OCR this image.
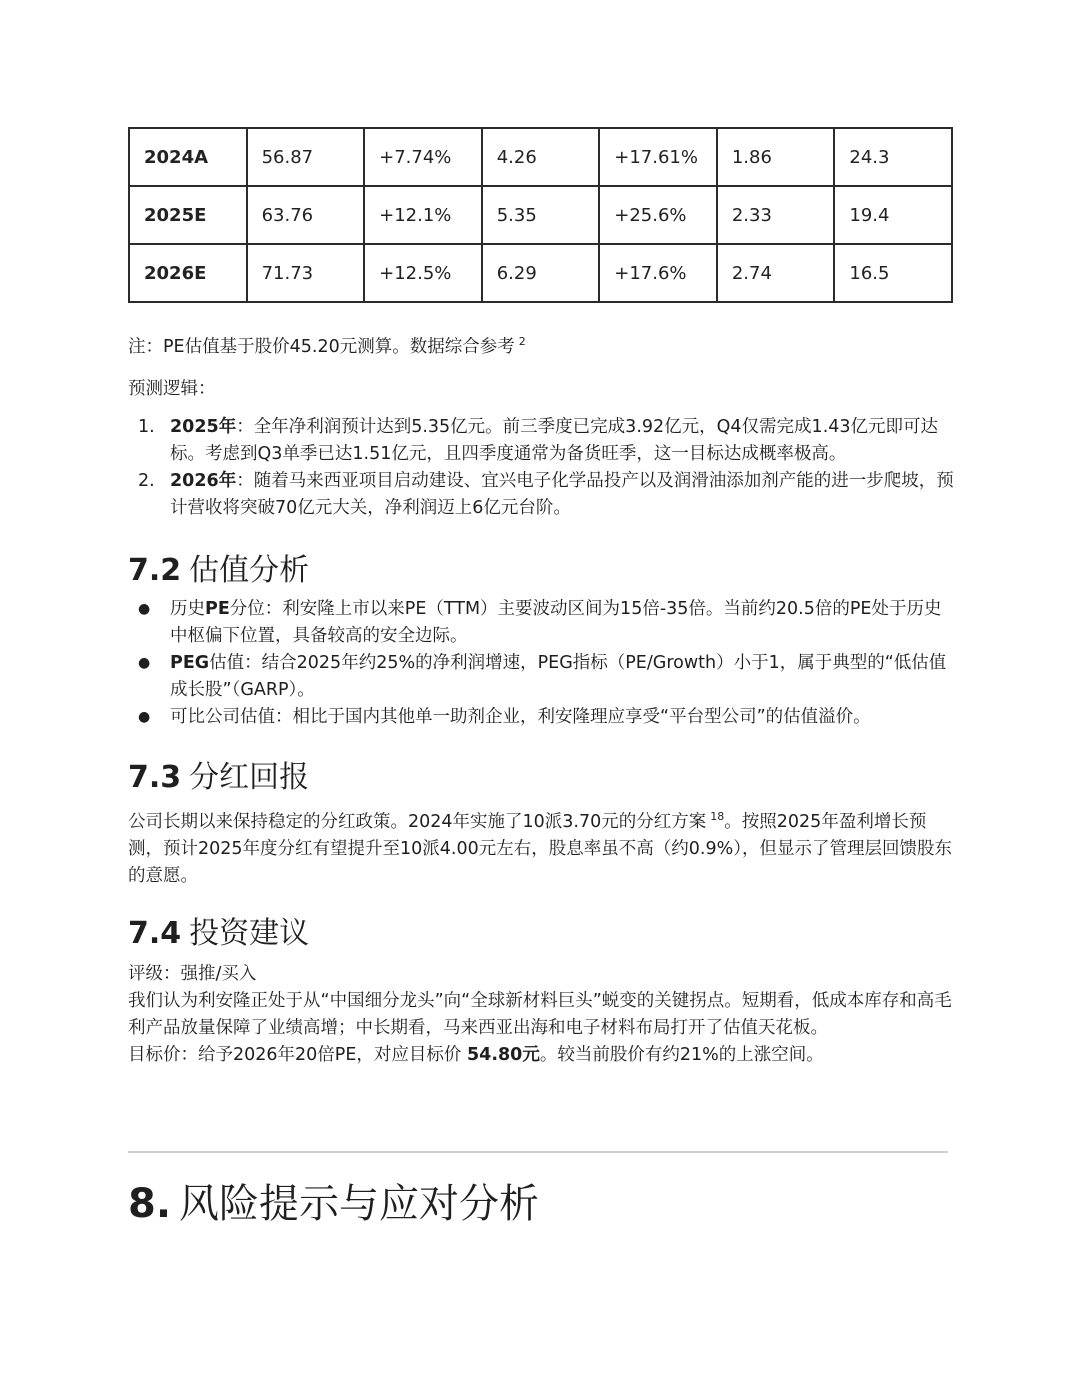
2024A	56.87	+7.74%	4.26	+17.61%	1.86	24.3
2025E	63.76	+12.1%	5.35	+25.6%	2.33	19.4
2026E	71.73	+12.5%	6.29	+17.6%	2.74	16.5
注：PE估值基于股价45.20元测算。数据综合参考 $^2$
预测逻辑：
1. 2025年：全年净利润预计达到5.35亿元。前三季度已完成3.92亿元，Q4仅需完成1.43亿元即可达标。考虑到Q3单季已达1.51亿元，且四季度通常为备货旺季，这一目标达成概率极高。
2. 2026年：随着马来西亚项目启动建设、宜兴电子化学品投产以及润滑油添加剂产能的进一步爬坡，预计营收将突破70亿元大关，净利润迈上6亿元台阶。
7.2 估值分析
● 历史PE分位：利安隆上市以来PE（TTM）主要波动区间为15倍-35倍。当前约20.5倍的PE处于历史中枢偏下位置，具备较高的安全边际。
● PEG估值：结合2025年约25%的净利润增速，PEG指标（PE/Growth）小于1，属于典型的“低估值成长股”（GARP）。
● 可比公司估值：相比于国内其他单一助剂企业，利安隆理应享受“平台型公司”的估值溢价。
7.3 分红回报
公司长期以来保持稳定的分红政策。2024年实施了10派3.70元的分红方案 $^{18}$。按照2025年盈利增长预测，预计2025年度分红有望提升至10派4.00元左右，股息率虽不高（约0.9%），但显示了管理层回馈股东的意愿。
7.4 投资建议
评级：强推/买入
我们认为利安隆正处于从“中国细分龙头”向“全球新材料巨头”蜕变的关键拐点。短期看，低成本库存和高毛利产品放量保障了业绩高增；中长期看，马来西亚出海和电子材料布局打开了估值天花板。
目标价：给予2026年20倍PE，对应目标价 54.80元。较当前股价有约21%的上涨空间。
8. 风险提示与应对分析
